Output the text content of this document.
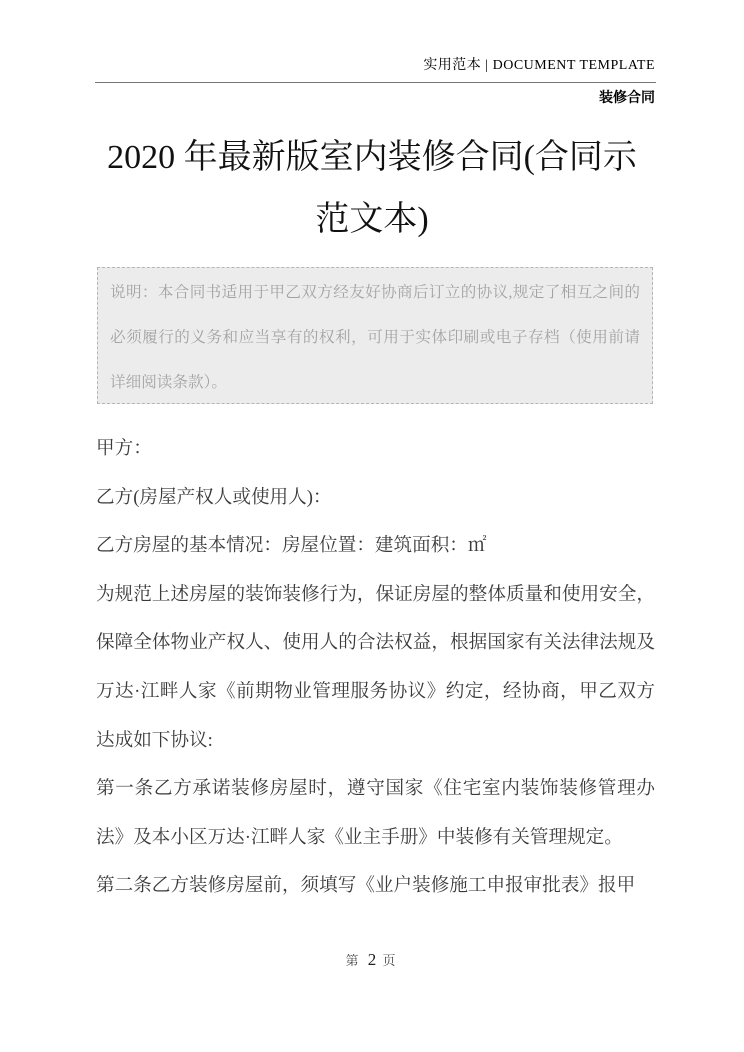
实用范本 | DOCUMENT TEMPLATE
装修合同
2020 年最新版室内装修合同(合同示范文本)

说明：本合同书适用于甲乙双方经友好协商后订立的协议,规定了相互之间的必须履行的义务和应当享有的权利，可用于实体印刷或电子存档（使用前请详细阅读条款）。

甲方：

乙方(房屋产权人或使用人)：

乙方房屋的基本情况：房屋位置：建筑面积：㎡

为规范上述房屋的装饰装修行为，保证房屋的整体质量和使用安全，保障全体物业产权人、使用人的合法权益，根据国家有关法律法规及万达·江畔人家《前期物业管理服务协议》约定，经协商，甲乙双方达成如下协议:

第一条乙方承诺装修房屋时，遵守国家《住宅室内装饰装修管理办法》及本小区万达·江畔人家《业主手册》中装修有关管理规定。

第二条乙方装修房屋前，须填写《业户装修施工申报审批表》报甲

第 2 页
